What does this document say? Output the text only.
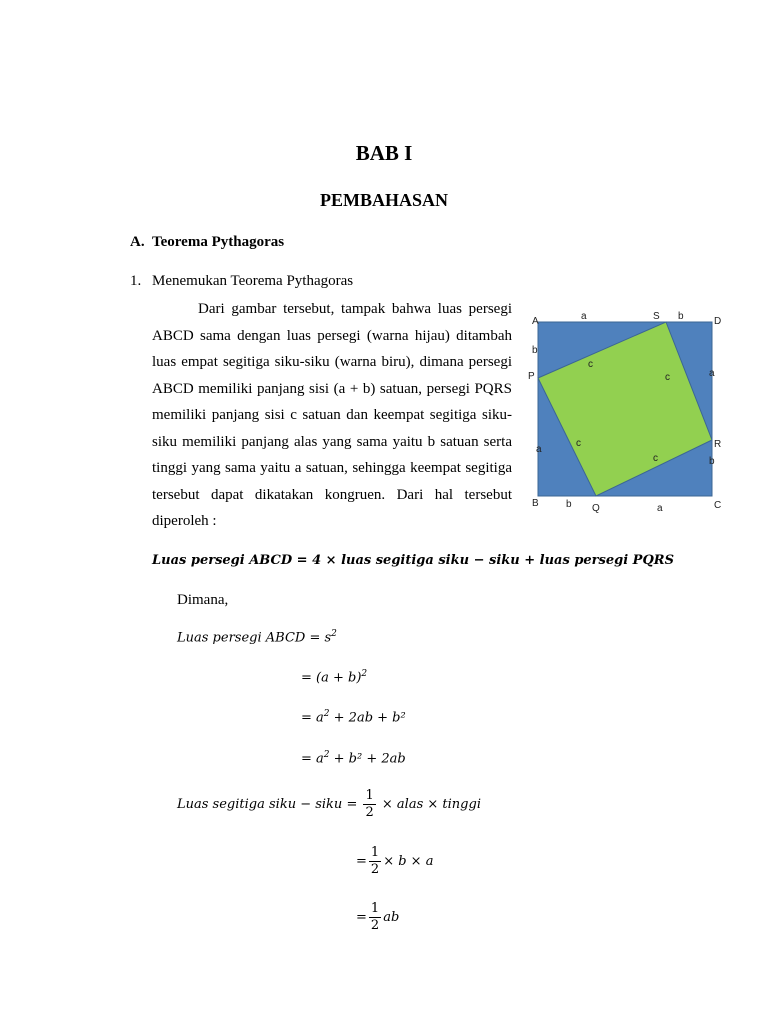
BAB I
PEMBAHASAN
A. Teorema Pythagoras
1. Menemukan Teorema Pythagoras
Dari gambar tersebut, tampak bahwa luas persegi
ABCD sama dengan luas persegi (warna hijau) ditambah
luas empat segitiga siku-siku (warna biru), dimana persegi
ABCD memiliki panjang sisi (a + b) satuan, persegi PQRS
memiliki panjang sisi c satuan dan keempat segitiga siku-
siku memiliki panjang alas yang sama yaitu b satuan serta
tinggi yang sama yaitu a satuan, sehingga keempat segitiga
tersebut dapat dikatakan kongruen. Dari hal tersebut
diperoleh :
A	D
B	C
P
S
R
Q
a	b
b
a
b	a
a
b
c
c
c
c
Luas persegi ABCD = 4 × luas segitiga siku − siku + luas persegi PQRS
Dimana,
Luas persegi ABCD = $s^2$
= $(a + b)^2$
= $a^2 + 2ab + b^2$
= $a^2 + b^2 + 2ab$
Luas segitiga siku − siku = $\frac{1}{2}$ × alas × tinggi
= $\frac{1}{2} \times b \times a$
= $\frac{1}{2}$ ab
